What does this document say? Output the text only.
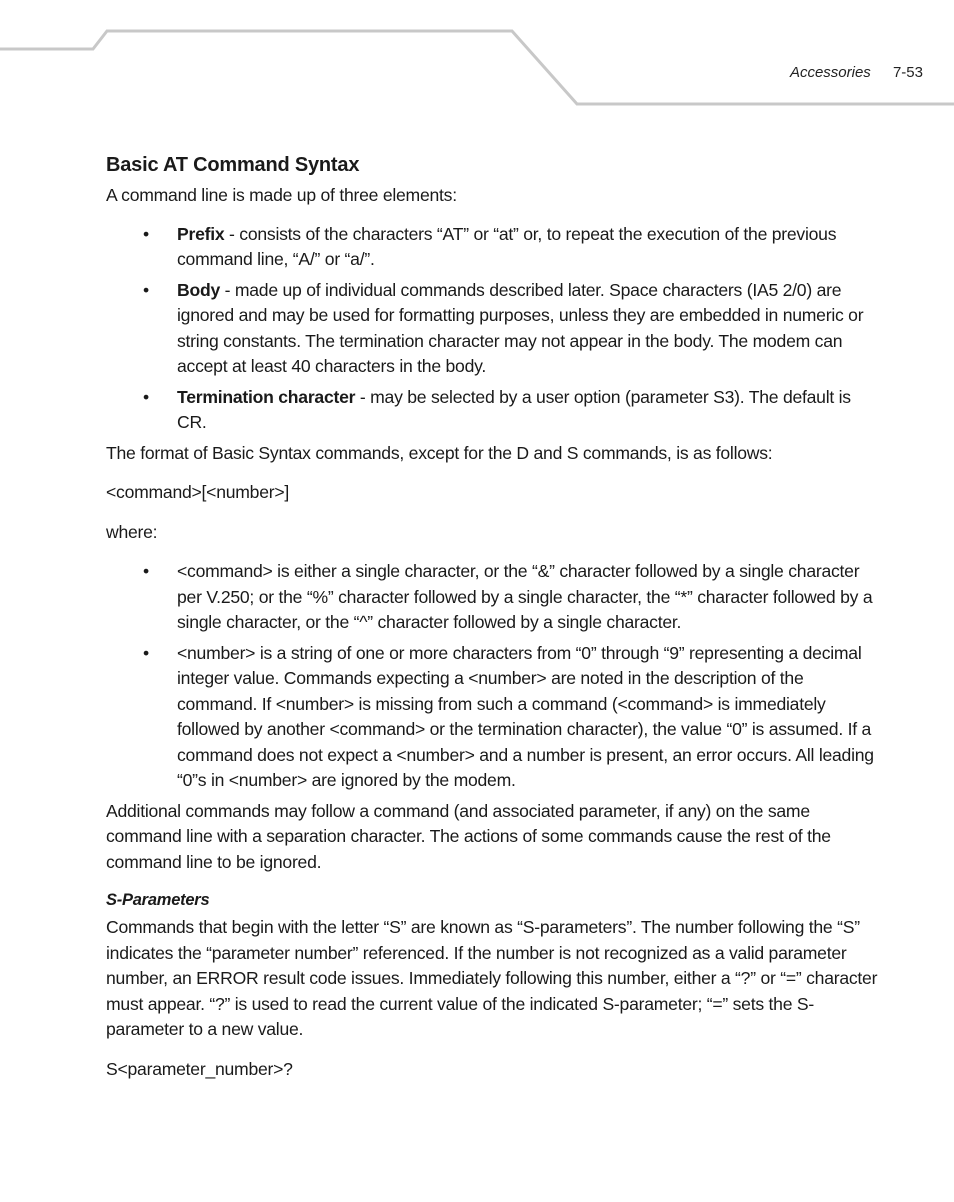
Accessories 7-53
Basic AT Command Syntax

A command line is made up of three elements:

• Prefix - consists of the characters “AT” or “at” or, to repeat the execution of the previous command line, “A/” or “a/”.
• Body - made up of individual commands described later. Space characters (IA5 2/0) are ignored and may be used for formatting purposes, unless they are embedded in numeric or string constants. The termination character may not appear in the body. The modem can accept at least 40 characters in the body.
• Termination character - may be selected by a user option (parameter S3). The default is CR.

The format of Basic Syntax commands, except for the D and S commands, is as follows:

<command>[<number>]

where:

• <command> is either a single character, or the “&” character followed by a single character per V.250; or the “%” character followed by a single character, the “*” character followed by a single character, or the “^” character followed by a single character.
• <number> is a string of one or more characters from “0” through “9” representing a decimal integer value. Commands expecting a <number> are noted in the description of the command. If <number> is missing from such a command (<command> is immediately followed by another <command> or the termination character), the value “0” is assumed. If a command does not expect a <number> and a number is present, an error occurs. All leading “0”s in <number> are ignored by the modem.

Additional commands may follow a command (and associated parameter, if any) on the same command line with a separation character. The actions of some commands cause the rest of the command line to be ignored.

S-Parameters

Commands that begin with the letter “S” are known as “S-parameters”. The number following the “S” indicates the “parameter number” referenced. If the number is not recognized as a valid parameter number, an ERROR result code issues. Immediately following this number, either a “?” or “=” character must appear. “?” is used to read the current value of the indicated S-parameter; “=” sets the S-parameter to a new value.

S<parameter_number>?
